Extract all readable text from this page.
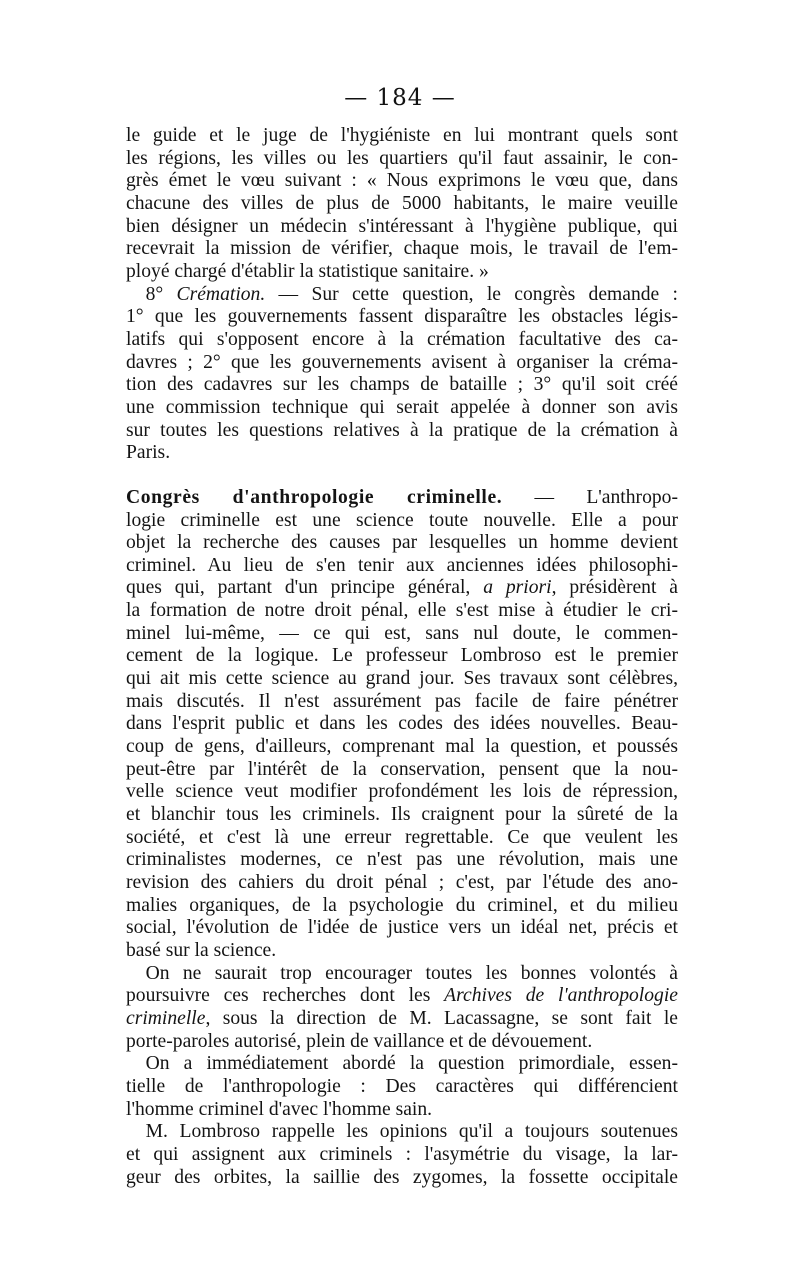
— 184 —
le guide et le juge de l'hygiéniste en lui montrant quels sont
les régions, les villes ou les quartiers qu'il faut assainir, le con-
grès émet le vœu suivant : « Nous exprimons le vœu que, dans
chacune des villes de plus de 5000 habitants, le maire veuille
bien désigner un médecin s'intéressant à l'hygiène publique, qui
recevrait la mission de vérifier, chaque mois, le travail de l'em-
ployé chargé d'établir la statistique sanitaire. »
 8° Crémation. — Sur cette question, le congrès demande :
1° que les gouvernements fassent disparaître les obstacles légis-
latifs qui s'opposent encore à la crémation facultative des ca-
davres ; 2° que les gouvernements avisent à organiser la créma-
tion des cadavres sur les champs de bataille ; 3° qu'il soit créé
une commission technique qui serait appelée à donner son avis
sur toutes les questions relatives à la pratique de la crémation à
Paris.
Congrès d'anthropologie criminelle. — L'anthropo-
logie criminelle est une science toute nouvelle. Elle a pour
objet la recherche des causes par lesquelles un homme devient
criminel. Au lieu de s'en tenir aux anciennes idées philosophi-
ques qui, partant d'un principe général, a priori, présidèrent à
la formation de notre droit pénal, elle s'est mise à étudier le cri-
minel lui-même, — ce qui est, sans nul doute, le commen-
cement de la logique. Le professeur Lombroso est le premier
qui ait mis cette science au grand jour. Ses travaux sont célèbres,
mais discutés. Il n'est assurément pas facile de faire pénétrer
dans l'esprit public et dans les codes des idées nouvelles. Beau-
coup de gens, d'ailleurs, comprenant mal la question, et poussés
peut-être par l'intérêt de la conservation, pensent que la nou-
velle science veut modifier profondément les lois de répression,
et blanchir tous les criminels. Ils craignent pour la sûreté de la
société, et c'est là une erreur regrettable. Ce que veulent les
criminalistes modernes, ce n'est pas une révolution, mais une
revision des cahiers du droit pénal ; c'est, par l'étude des ano-
malies organiques, de la psychologie du criminel, et du milieu
social, l'évolution de l'idée de justice vers un idéal net, précis et
basé sur la science.
 On ne saurait trop encourager toutes les bonnes volontés à
poursuivre ces recherches dont les Archives de l'anthropologie
criminelle, sous la direction de M. Lacassagne, se sont fait le
porte-paroles autorisé, plein de vaillance et de dévouement.
 On a immédiatement abordé la question primordiale, essen-
tielle de l'anthropologie : Des caractères qui différencient
l'homme criminel d'avec l'homme sain.
 M. Lombroso rappelle les opinions qu'il a toujours soutenues
et qui assignent aux criminels : l'asymétrie du visage, la lar-
geur des orbites, la saillie des zygomes, la fossette occipitale
